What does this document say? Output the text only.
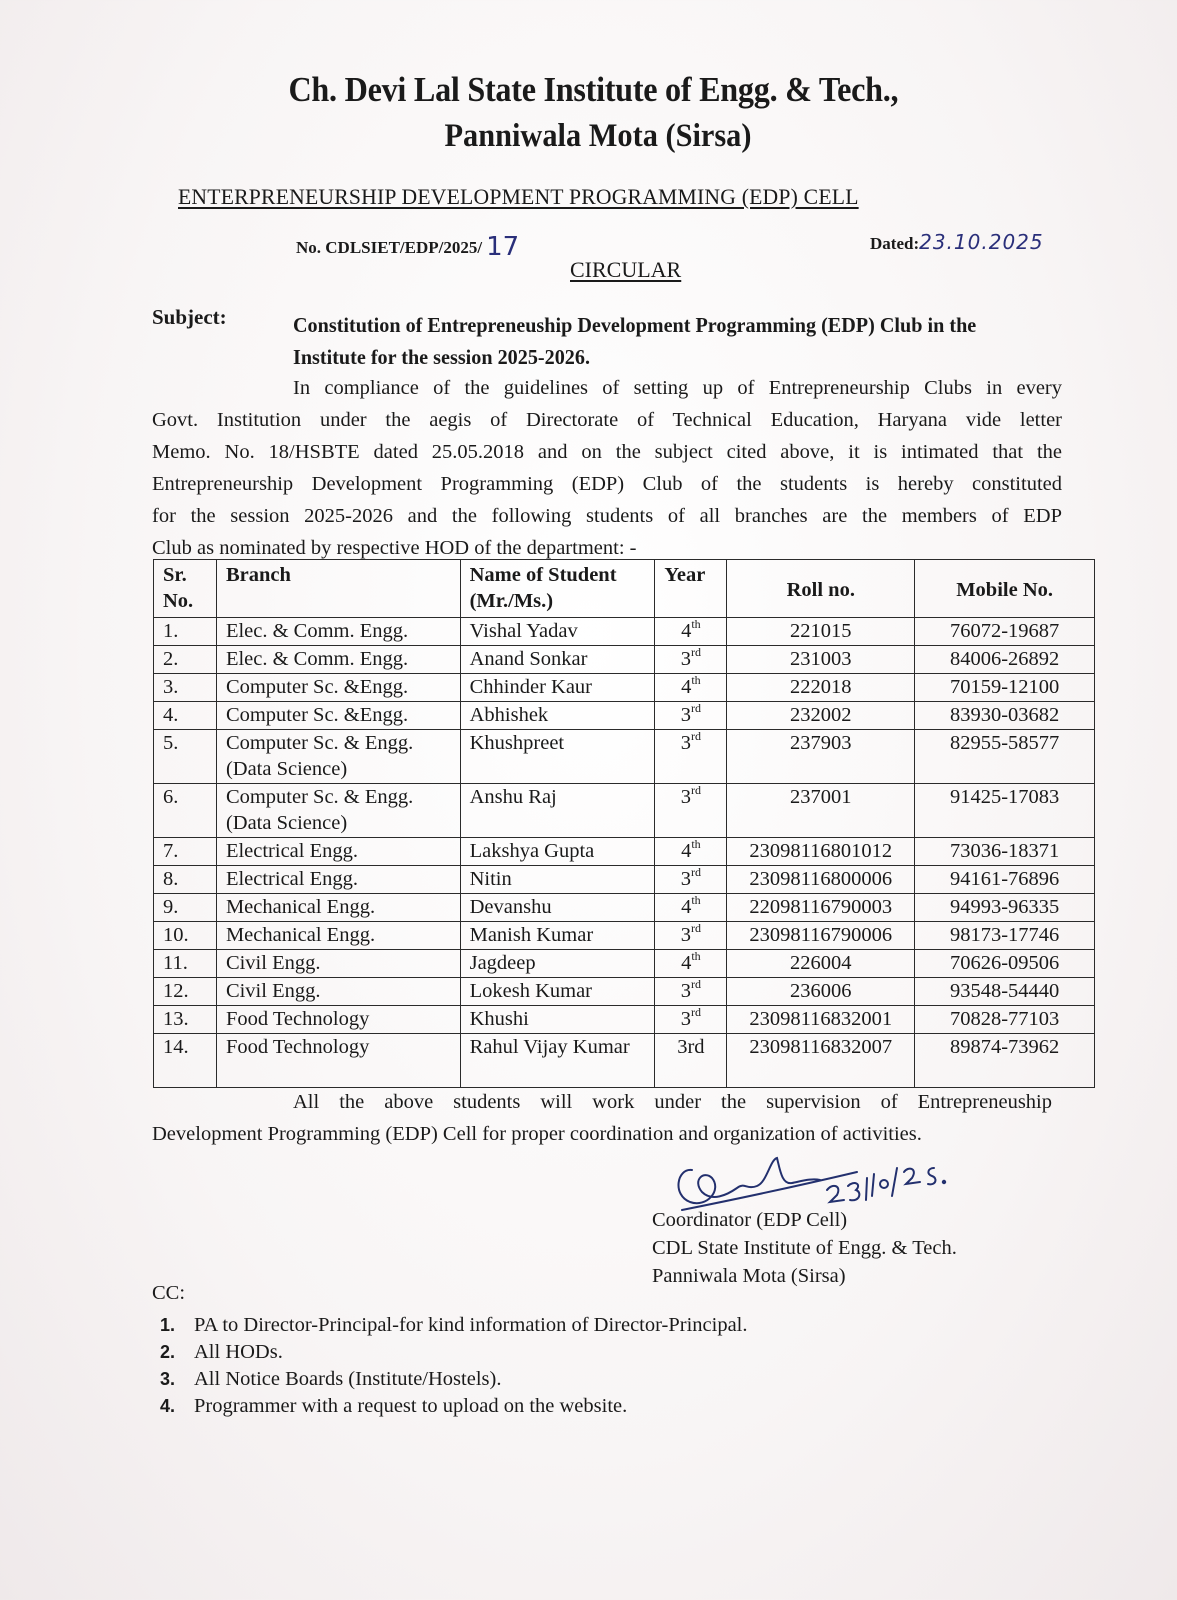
Ch. Devi Lal State Institute of Engg. & Tech.,
Panniwala Mota (Sirsa)
ENTERPRENEURSHIP DEVELOPMENT PROGRAMMING (EDP) CELL
No. CDLSIET/EDP/2025/ 17	Dated:23.10.2025
CIRCULAR
Subject:	Constitution of Entrepreneuship Development Programming (EDP) Club in the Institute for the session 2025-2026.
In compliance of the guidelines of setting up of Entrepreneurship Clubs in every
Govt. Institution under the aegis of Directorate of Technical Education, Haryana vide letter
Memo. No. 18/HSBTE dated 25.05.2018 and on the subject cited above, it is intimated that the
Entrepreneurship Development Programming (EDP) Club of the students is hereby constituted
for the session 2025-2026 and the following students of all branches are the members of EDP
Club as nominated by respective HOD of the department: -
Sr. No.	Branch	Name of Student (Mr./Ms.)	Year	Roll no.	Mobile No.
1.	Elec. & Comm. Engg.	Vishal Yadav	4th	221015	76072-19687
2.	Elec. & Comm. Engg.	Anand Sonkar	3rd	231003	84006-26892
3.	Computer Sc. &Engg.	Chhinder Kaur	4th	222018	70159-12100
4.	Computer Sc. &Engg.	Abhishek	3rd	232002	83930-03682
5.	Computer Sc. & Engg. (Data Science)	Khushpreet	3rd	237903	82955-58577
6.	Computer Sc. & Engg. (Data Science)	Anshu Raj	3rd	237001	91425-17083
7.	Electrical Engg.	Lakshya Gupta	4th	23098116801012	73036-18371
8.	Electrical Engg.	Nitin	3rd	23098116800006	94161-76896
9.	Mechanical Engg.	Devanshu	4th	22098116790003	94993-96335
10.	Mechanical Engg.	Manish Kumar	3rd	23098116790006	98173-17746
11.	Civil Engg.	Jagdeep	4th	226004	70626-09506
12.	Civil Engg.	Lokesh Kumar	3rd	236006	93548-54440
13.	Food Technology	Khushi	3rd	23098116832001	70828-77103
14.	Food Technology	Rahul Vijay Kumar	3rd	23098116832007	89874-73962
All the above students will work under the supervision of Entrepreneuship
Development Programming (EDP) Cell for proper coordination and organization of activities.
Coordinator (EDP Cell)
CDL State Institute of Engg. & Tech.
Panniwala Mota (Sirsa)
CC:
1. PA to Director-Principal-for kind information of Director-Principal.
2. All HODs.
3. All Notice Boards (Institute/Hostels).
4. Programmer with a request to upload on the website.
